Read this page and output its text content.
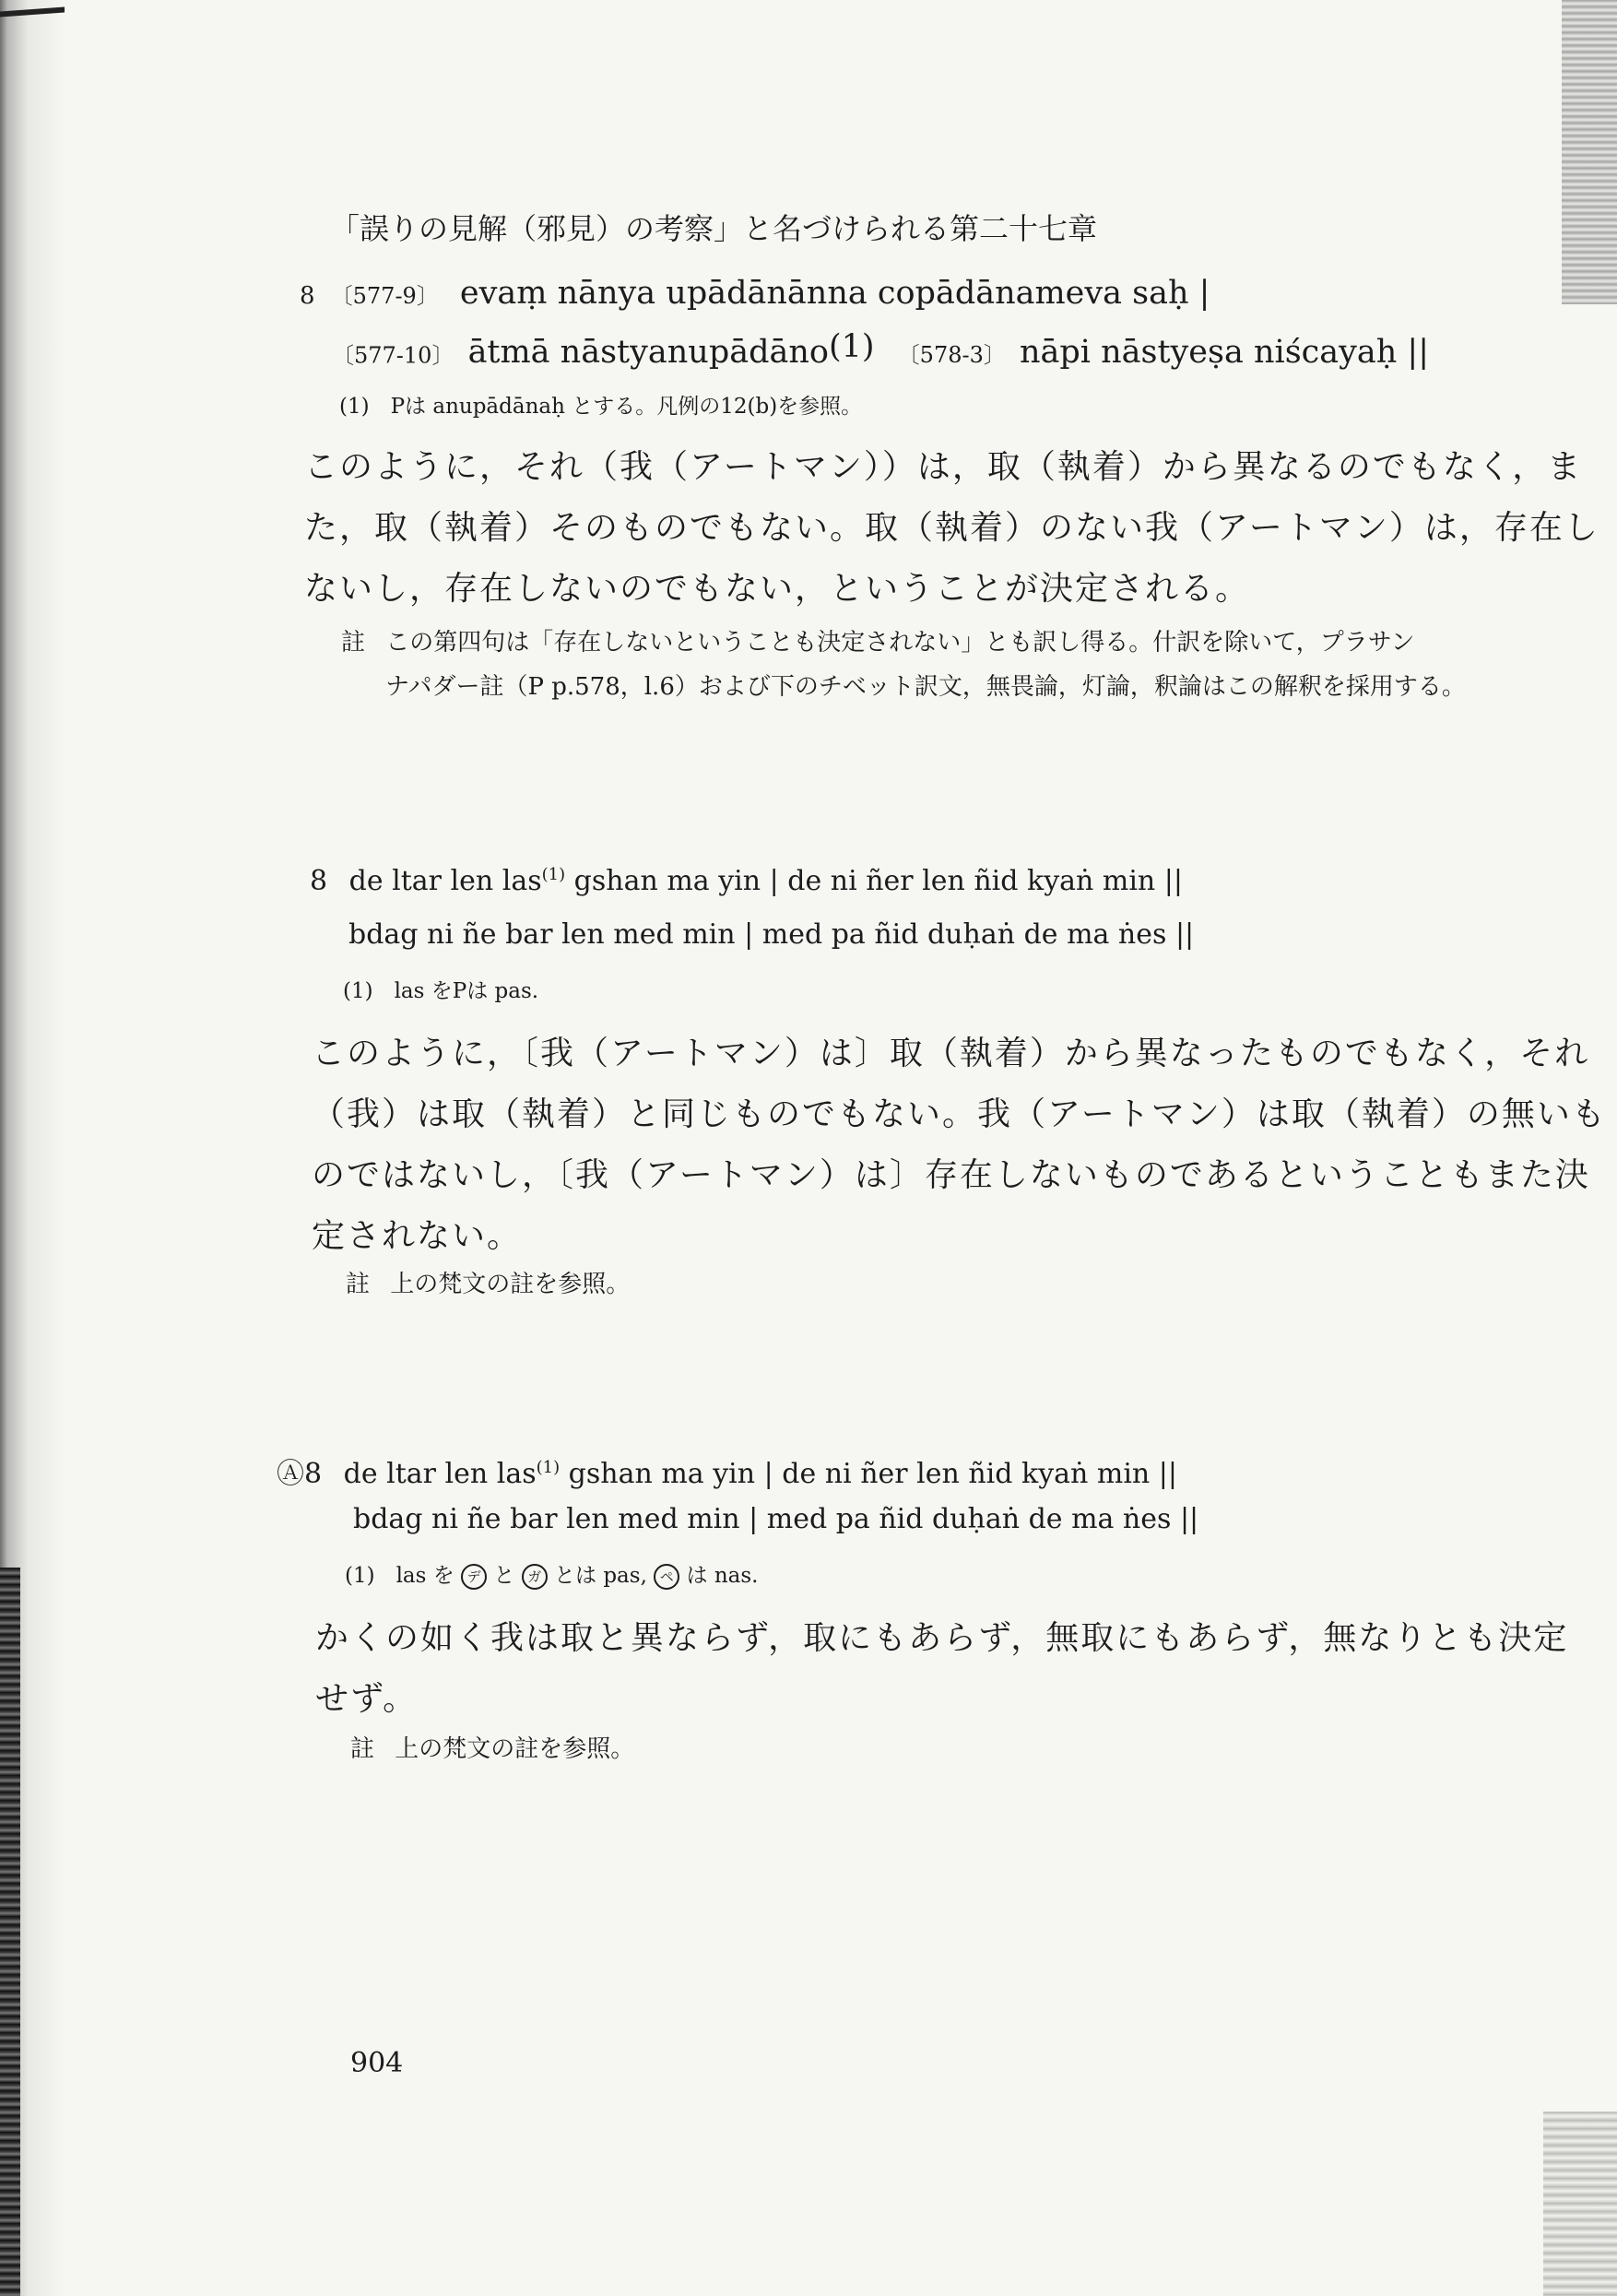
「誤りの見解（邪見）の考察」と名づけられる第二十七章
8 〔577-9〕 evaṃ nānya upādānānna copādānameva saḥ |
〔577-10〕 ātmā nāstyanupādāno$^{(1)}$ 〔578-3〕 nāpi nāstyeṣa niścayaḥ ||
(1)　Pは anupādānaḥ とする。凡例の12(b)を参照。
このように，それ（我（アートマン））は，取（執着）から異なるのでもなく，ま
た，取（執着）そのものでもない。取（執着）のない我（アートマン）は，存在し
ないし，存在しないのでもない，ということが決定される。
註 この第四句は「存在しないということも決定されない」とも訳し得る。什訳を除いて，プラサン
ナパダー註（P p.578，l.6）および下のチベット訳文，無畏論，灯論，釈論はこの解釈を採用する。
8 de ltar len las$^{(1)}$ gshan ma yin | de ni ñer len ñid kyaṅ min ||
bdag ni ñe bar len med min | med pa ñid duḥaṅ de ma ṅes ||
(1)　las をPは pas.
このように，〔我（アートマン）は〕取（執着）から異なったものでもなく，それ
（我）は取（執着）と同じものでもない。我（アートマン）は取（執着）の無いも
のではないし，〔我（アートマン）は〕存在しないものであるということもまた決
定されない。
註 上の梵文の註を参照。
Ⓐ8 de ltar len las$^{(1)}$ gshan ma yin | de ni ñer len ñid kyaṅ min ||
bdag ni ñe bar len med min | med pa ñid duḥaṅ de ma ṅes ||
(1)　las を デ と ガ とは pas, ペ は nas.
かくの如く我は取と異ならず，取にもあらず，無取にもあらず，無なりとも決定
せず。
註 上の梵文の註を参照。
904
